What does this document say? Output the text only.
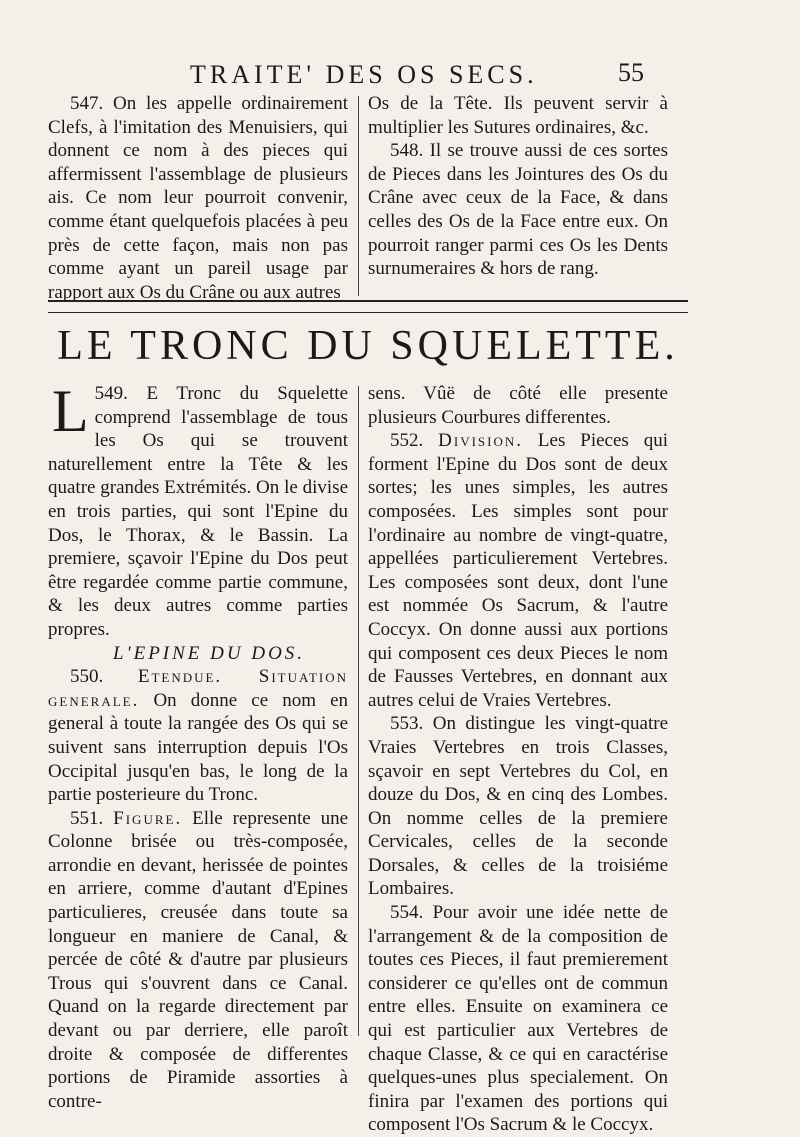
TRAITE' DES OS SECS.	55

547. On les appelle ordinairement Clefs, à l'imitation des Menuisiers, qui donnent ce nom à des pieces qui affermissent l'assemblage de plusieurs ais. Ce nom leur pourroit convenir, comme étant quelquefois placées à peu près de cette façon, mais non pas comme ayant un pareil usage par rapport aux Os du Crâne ou aux autres

Os de la Tête. Ils peuvent servir à multiplier les Sutures ordinaires, &c.

548. Il se trouve aussi de ces sortes de Pieces dans les Jointures des Os du Crâne avec ceux de la Face, & dans celles des Os de la Face entre eux. On pourroit ranger parmi ces Os les Dents surnumeraires & hors de rang.

LE TRONC DU SQUELETTE.

549.
L	E Tronc du Squelette comprend l'assemblage de tous les Os qui se trouvent naturellement entre la Tête & les quatre grandes Extrémités. On le divise en trois parties, qui sont l'Epine du Dos, le Thorax, & le Bassin. La premiere, sçavoir l'Epine du Dos peut être regardée comme partie commune, & les deux autres comme parties propres.

L'EPINE DU DOS.

550. Etendue. Situation generale. On donne ce nom en general à toute la rangée des Os qui se suivent sans interruption depuis l'Os Occipital jusqu'en bas, le long de la partie posterieure du Tronc.

551. Figure. Elle represente une Colonne brisée ou très-composée, arrondie en devant, herissée de pointes en arriere, comme d'autant d'Epines particulieres, creusée dans toute sa longueur en maniere de Canal, & percée de côté & d'autre par plusieurs Trous qui s'ouvrent dans ce Canal. Quand on la regarde directement par devant ou par derriere, elle paroît droite & composée de differentes portions de Piramide assorties à contre-

sens. Vûë de côté elle presente plusieurs Courbures differentes.

552. Division. Les Pieces qui forment l'Epine du Dos sont de deux sortes; les unes simples, les autres composées. Les simples sont pour l'ordinaire au nombre de vingt-quatre, appellées particulierement Vertebres. Les composées sont deux, dont l'une est nommée Os Sacrum, & l'autre Coccyx. On donne aussi aux portions qui composent ces deux Pieces le nom de Fausses Vertebres, en donnant aux autres celui de Vraies Vertebres.

553. On distingue les vingt-quatre Vraies Vertebres en trois Classes, sçavoir en sept Vertebres du Col, en douze du Dos, & en cinq des Lombes. On nomme celles de la premiere Cervicales, celles de la seconde Dorsales, & celles de la troisiéme Lombaires.

554. Pour avoir une idée nette de l'arrangement & de la composition de toutes ces Pieces, il faut premierement considerer ce qu'elles ont de commun entre elles. Ensuite on examinera ce qui est particulier aux Vertebres de chaque Classe, & ce qui en caractérise quelques-unes plus specialement. On finira par l'examen des portions qui composent l'Os Sacrum & le Coccyx.
